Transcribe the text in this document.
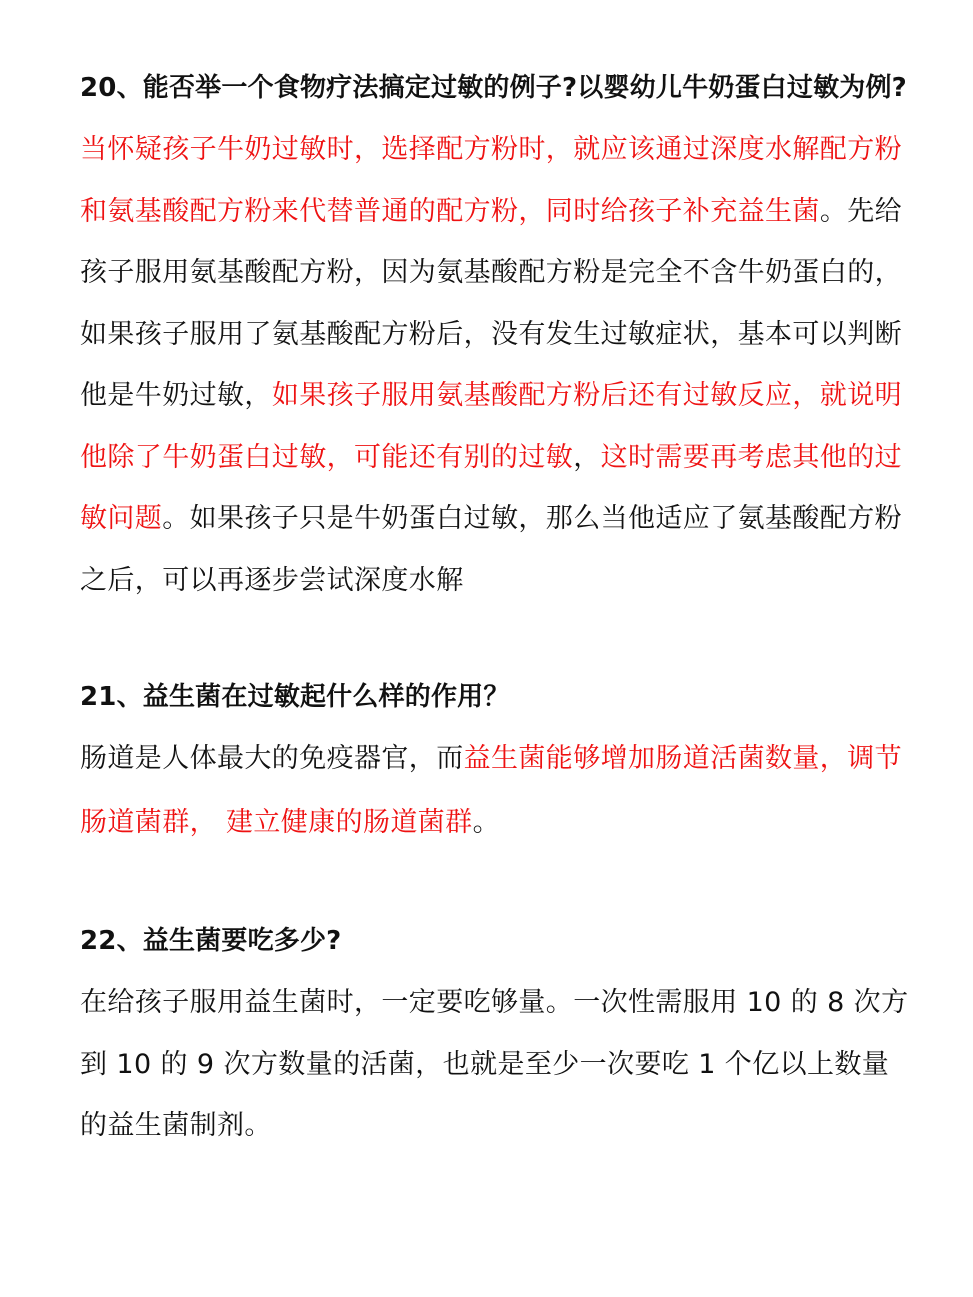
20、能否举一个食物疗法搞定过敏的例子?以婴幼儿牛奶蛋白过敏为例?

当怀疑孩子牛奶过敏时，选择配方粉时，就应该通过深度水解配方粉和氨基酸配方粉来代替普通的配方粉，同时给孩子补充益生菌。先给孩子服用氨基酸配方粉，因为氨基酸配方粉是完全不含牛奶蛋白的，如果孩子服用了氨基酸配方粉后，没有发生过敏症状，基本可以判断他是牛奶过敏，如果孩子服用氨基酸配方粉后还有过敏反应，就说明他除了牛奶蛋白过敏，可能还有别的过敏，这时需要再考虑其他的过敏问题。如果孩子只是牛奶蛋白过敏，那么当他适应了氨基酸配方粉之后，可以再逐步尝试深度水解

21、益生菌在过敏起什么样的作用？

肠道是人体最大的免疫器官，而益生菌能够增加肠道活菌数量，调节肠道菌群， 建立健康的肠道菌群。

22、益生菌要吃多少?

在给孩子服用益生菌时，一定要吃够量。一次性需服用 10 的 8 次方到 10 的 9 次方数量的活菌，也就是至少一次要吃 1 个亿以上数量的益生菌制剂。
